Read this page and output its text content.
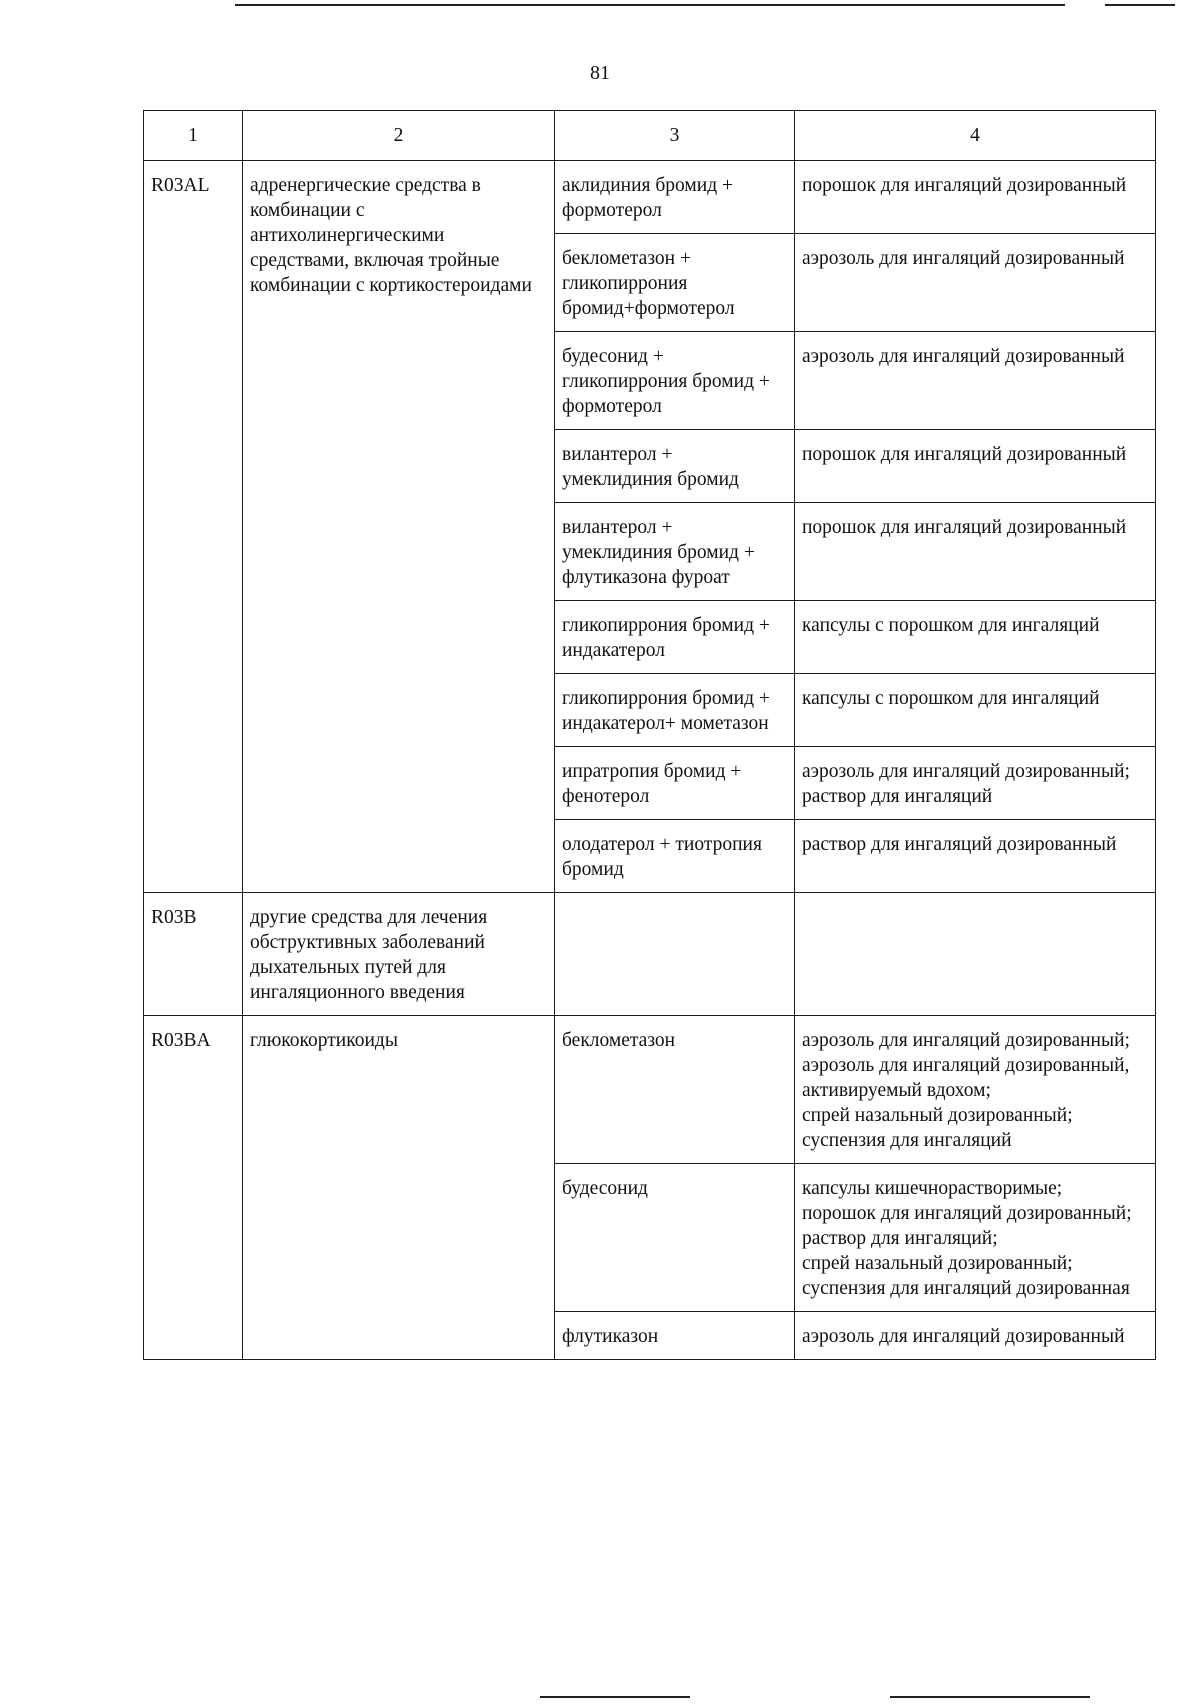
81
1	2	3	4
R03AL	адренергические средства в комбинации с антихолинергическими средствами, включая тройные комбинации с кортикостероидами	аклидиния бромид + формотерол	порошок для ингаляций дозированный
		беклометазон + гликопиррония бромид+формотерол	аэрозоль для ингаляций дозированный
		будесонид + гликопиррония бромид + формотерол	аэрозоль для ингаляций дозированный
		вилантерол + умеклидиния бромид	порошок для ингаляций дозированный
		вилантерол + умеклидиния бромид + флутиказона фуроат	порошок для ингаляций дозированный
		гликопиррония бромид + индакатерол	капсулы с порошком для ингаляций
		гликопиррония бромид + индакатерол+ мометазон	капсулы с порошком для ингаляций
		ипратропия бромид + фенотерол	аэрозоль для ингаляций дозированный;
раствор для ингаляций
		олодатерол + тиотропия бромид	раствор для ингаляций дозированный
R03B	другие средства для лечения обструктивных заболеваний дыхательных путей для ингаляционного введения		
R03BA	глюкокортикоиды	беклометазон	аэрозоль для ингаляций дозированный;
аэрозоль для ингаляций дозированный, активируемый вдохом;
спрей назальный дозированный;
суспензия для ингаляций
		будесонид	капсулы кишечнорастворимые;
порошок для ингаляций дозированный;
раствор для ингаляций;
спрей назальный дозированный;
суспензия для ингаляций дозированная
		флутиказон	аэрозоль для ингаляций дозированный
